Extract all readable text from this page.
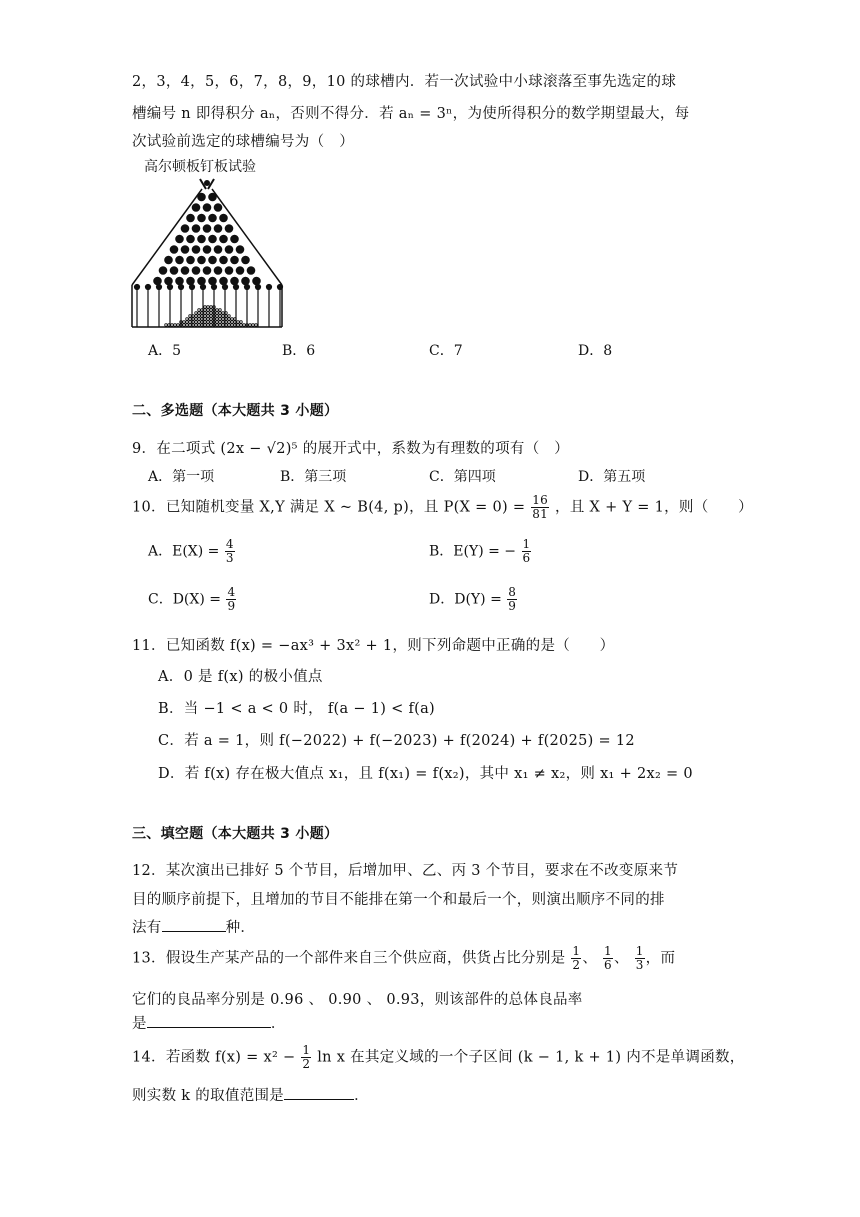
2，3，4，5，6，7，8，9，10 的球槽内．若一次试验中小球滚落至事先选定的球
槽编号 n 即得积分 aₙ，否则不得分．若 aₙ = 3ⁿ，为使所得积分的数学期望最大，每
次试验前选定的球槽编号为（　）
高尔顿板钉板试验
A．5	B．6	C．7	D．8
二、多选题（本大题共 3 小题）
9．在二项式 (2x − √2)⁵ 的展开式中，系数为有理数的项有（　）
A．第一项	B．第三项	C．第四项	D．第五项
10．已知随机变量 X,Y 满足 X ~ B(4, p)，且 $P(X = 0) = \frac{16}{81}$ ，且 X + Y = 1，则（　　）
A．$E(X) = \frac{4}{3}$	B．E(Y) = − $\frac{1}{6}$
C．$D(X) = \frac{4}{9}$	D．$D(Y) = \frac{8}{9}$
11．已知函数 f(x) = −ax³ + 3x² + 1，则下列命题中正确的是（　　）
A．0 是 f(x) 的极小值点
B．当 −1 < a < 0 时， f(a − 1) < f(a)
C．若 a = 1，则 f(−2022) + f(−2023) + f(2024) + f(2025) = 12
D．若 f(x) 存在极大值点 x₁，且 f(x₁) = f(x₂)，其中 x₁ ≠ x₂，则 x₁ + 2x₂ = 0
三、填空题（本大题共 3 小题）
12．某次演出已排好 5 个节目，后增加甲、乙、丙 3 个节目，要求在不改变原来节
目的顺序前提下，且增加的节目不能排在第一个和最后一个，则演出顺序不同的排
法有	种．
13．假设生产某产品的一个部件来自三个供应商，供货占比分别是 $\frac{1}{2}$ 、 $\frac{1}{6}$ 、 $\frac{1}{3}$ ，而
它们的良品率分别是 0.96 、 0.90 、 0.93，则该部件的总体良品率
是	．
14．若函数 $f(x) = x^2 - \frac{1}{2}$ ln x 在其定义域的一个子区间 (k − 1, k + 1) 内不是单调函数，
则实数 k 的取值范围是	．
